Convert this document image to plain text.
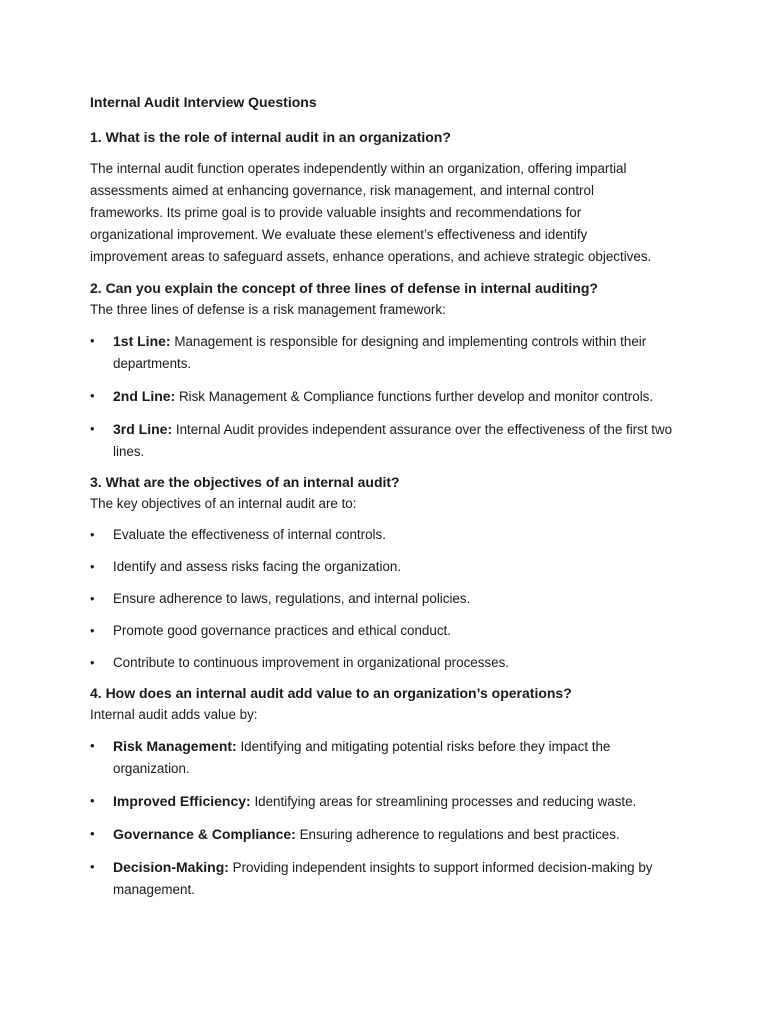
Internal Audit Interview Questions
1. What is the role of internal audit in an organization?
The internal audit function operates independently within an organization, offering impartial
assessments aimed at enhancing governance, risk management, and internal control
frameworks. Its prime goal is to provide valuable insights and recommendations for
organizational improvement. We evaluate these element’s effectiveness and identify
improvement areas to safeguard assets, enhance operations, and achieve strategic objectives.
2. Can you explain the concept of three lines of defense in internal auditing?
The three lines of defense is a risk management framework:
• 1st Line: Management is responsible for designing and implementing controls within their departments.
• 2nd Line: Risk Management & Compliance functions further develop and monitor controls.
• 3rd Line: Internal Audit provides independent assurance over the effectiveness of the first two lines.
3. What are the objectives of an internal audit?
The key objectives of an internal audit are to:
• Evaluate the effectiveness of internal controls.
• Identify and assess risks facing the organization.
• Ensure adherence to laws, regulations, and internal policies.
• Promote good governance practices and ethical conduct.
• Contribute to continuous improvement in organizational processes.
4. How does an internal audit add value to an organization’s operations?
Internal audit adds value by:
• Risk Management: Identifying and mitigating potential risks before they impact the organization.
• Improved Efficiency: Identifying areas for streamlining processes and reducing waste.
• Governance & Compliance: Ensuring adherence to regulations and best practices.
• Decision-Making: Providing independent insights to support informed decision-making by management.
